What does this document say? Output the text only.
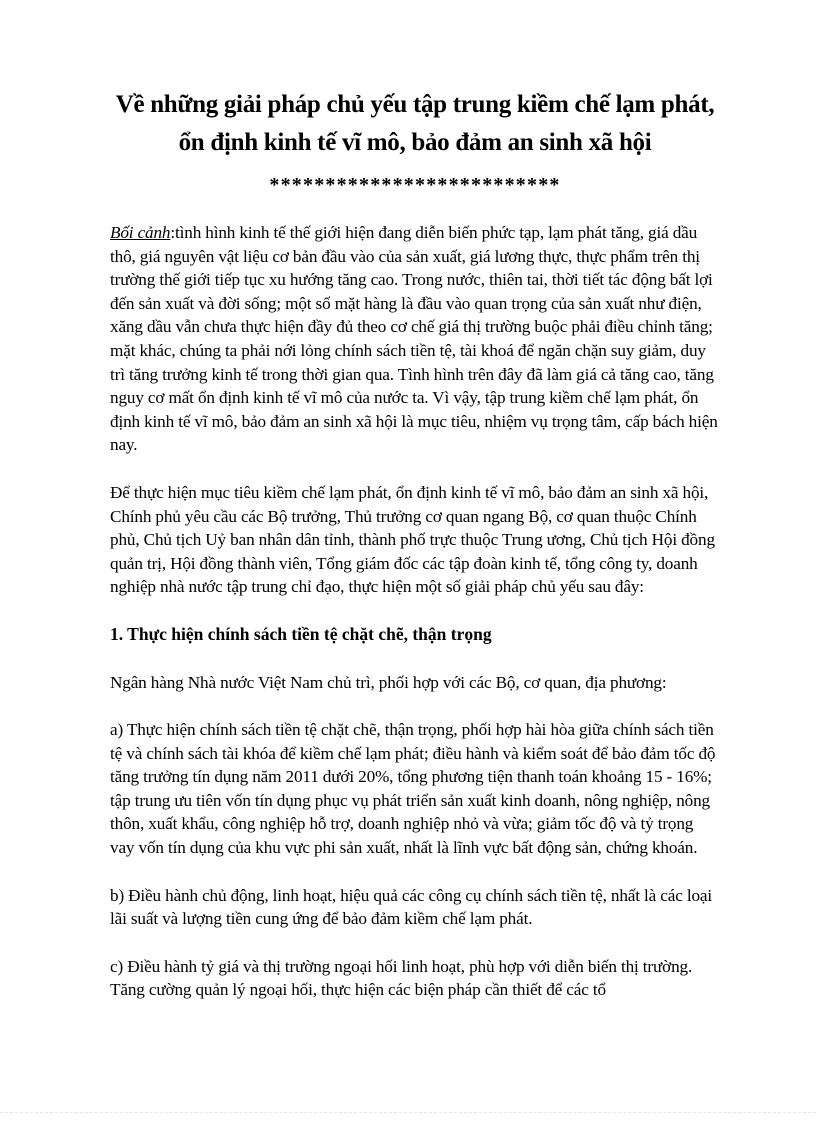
Về những giải pháp chủ yếu tập trung kiềm chế lạm phát, ổn định kinh tế vĩ mô, bảo đảm an sinh xã hội
**************************

Bối cảnh:tình hình kinh tế thế giới hiện đang diễn biến phức tạp, lạm phát tăng, giá dầu thô, giá nguyên vật liệu cơ bản đầu vào của sản xuất, giá lương thực, thực phẩm trên thị trường thế giới tiếp tục xu hướng tăng cao. Trong nước, thiên tai, thời tiết tác động bất lợi đến sản xuất và đời sống; một số mặt hàng là đầu vào quan trọng của sản xuất như điện, xăng dầu vẫn chưa thực hiện đầy đủ theo cơ chế giá thị trường buộc phải điều chỉnh tăng; mặt khác, chúng ta phải nới lỏng chính sách tiền tệ, tài khoá để ngăn chặn suy giảm, duy trì tăng trưởng kinh tế trong thời gian qua. Tình hình trên đây đã làm giá cả tăng cao, tăng nguy cơ mất ổn định kinh tế vĩ mô của nước ta. Vì vậy, tập trung kiềm chế lạm phát, ổn định kinh tế vĩ mô, bảo đảm an sinh xã hội là mục tiêu, nhiệm vụ trọng tâm, cấp bách hiện nay.

Để thực hiện mục tiêu kiềm chế lạm phát, ổn định kinh tế vĩ mô, bảo đảm an sinh xã hội, Chính phủ yêu cầu các Bộ trưởng, Thủ trưởng cơ quan ngang Bộ, cơ quan thuộc Chính phủ, Chủ tịch Uỷ ban nhân dân tỉnh, thành phố trực thuộc Trung ương, Chủ tịch Hội đồng quản trị, Hội đồng thành viên, Tổng giám đốc các tập đoàn kinh tế, tổng công ty, doanh nghiệp nhà nước tập trung chỉ đạo, thực hiện một số giải pháp chủ yếu sau đây:

1. Thực hiện chính sách tiền tệ chặt chẽ, thận trọng

Ngân hàng Nhà nước Việt Nam chủ trì, phối hợp với các Bộ, cơ quan, địa phương:

a) Thực hiện chính sách tiền tệ chặt chẽ, thận trọng, phối hợp hài hòa giữa chính sách tiền tệ và chính sách tài khóa để kiềm chế lạm phát; điều hành và kiểm soát để bảo đảm tốc độ tăng trưởng tín dụng năm 2011 dưới 20%, tổng phương tiện thanh toán khoảng 15 - 16%; tập trung ưu tiên vốn tín dụng phục vụ phát triển sản xuất kinh doanh, nông nghiệp, nông thôn, xuất khẩu, công nghiệp hỗ trợ, doanh nghiệp nhỏ và vừa; giảm tốc độ và tỷ trọng vay vốn tín dụng của khu vực phi sản xuất, nhất là lĩnh vực bất động sản, chứng khoán.

b) Điều hành chủ động, linh hoạt, hiệu quả các công cụ chính sách tiền tệ, nhất là các loại lãi suất và lượng tiền cung ứng để bảo đảm kiềm chế lạm phát.

c) Điều hành tỷ giá và thị trường ngoại hối linh hoạt, phù hợp với diễn biến thị trường. Tăng cường quản lý ngoại hối, thực hiện các biện pháp cần thiết để các tổ
